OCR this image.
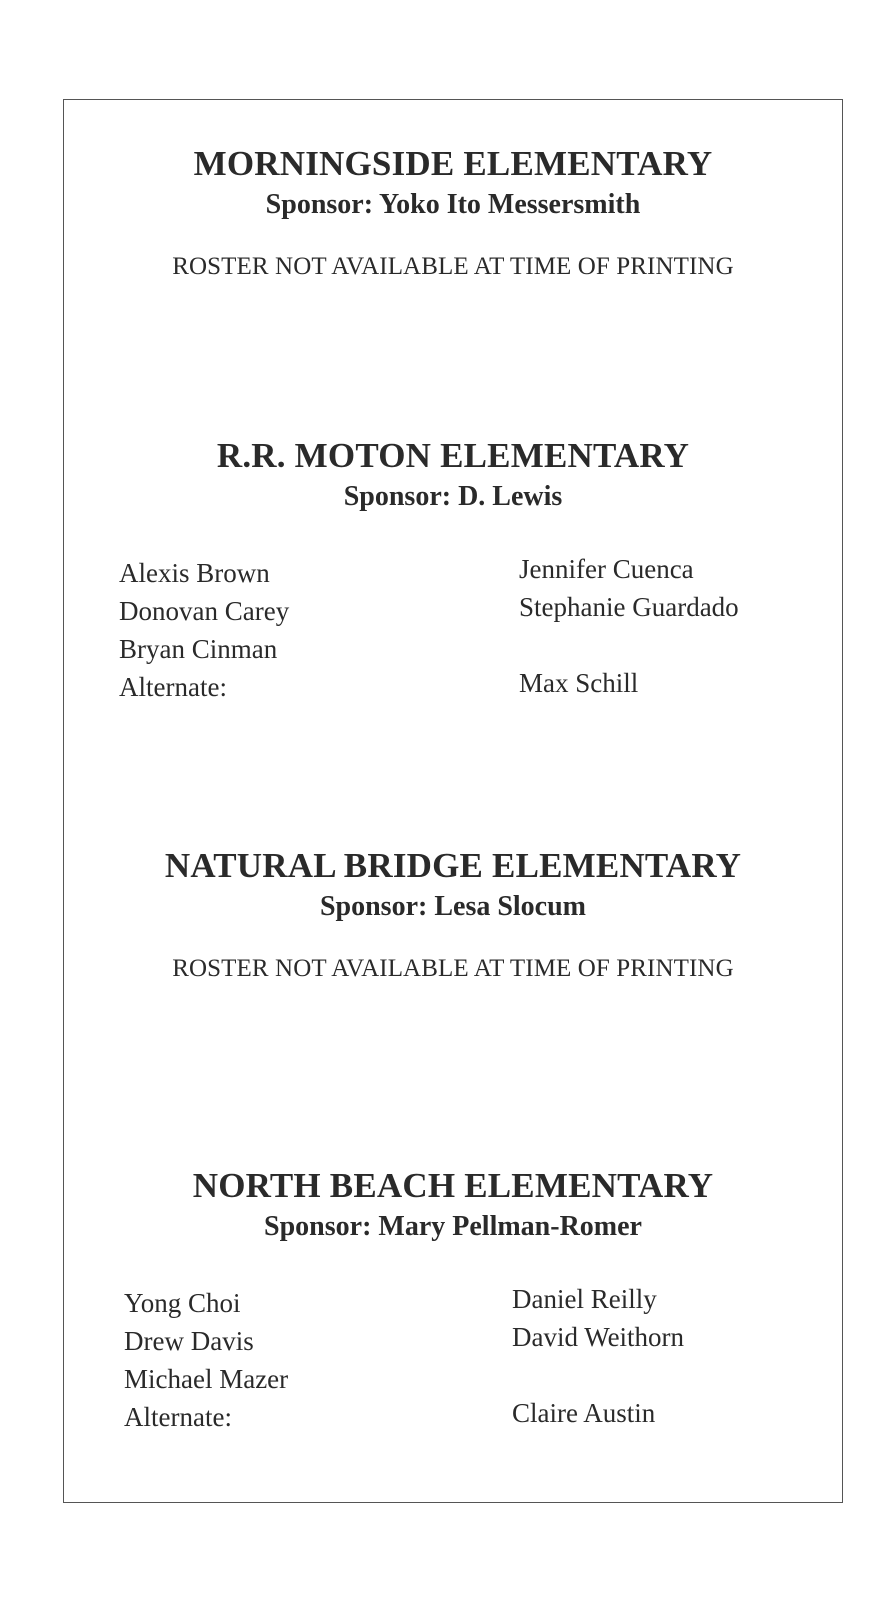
MORNINGSIDE ELEMENTARY
Sponsor: Yoko Ito Messersmith
ROSTER NOT AVAILABLE AT TIME OF PRINTING
R.R. MOTON ELEMENTARY
Sponsor: D. Lewis
Alexis Brown
Donovan Carey
Bryan Cinman
Alternate:
Jennifer Cuenca
Stephanie Guardado
Max Schill
NATURAL BRIDGE ELEMENTARY
Sponsor: Lesa Slocum
ROSTER NOT AVAILABLE AT TIME OF PRINTING
NORTH BEACH ELEMENTARY
Sponsor: Mary Pellman-Romer
Yong Choi
Drew Davis
Michael Mazer
Alternate:
Daniel Reilly
David Weithorn
Claire Austin
